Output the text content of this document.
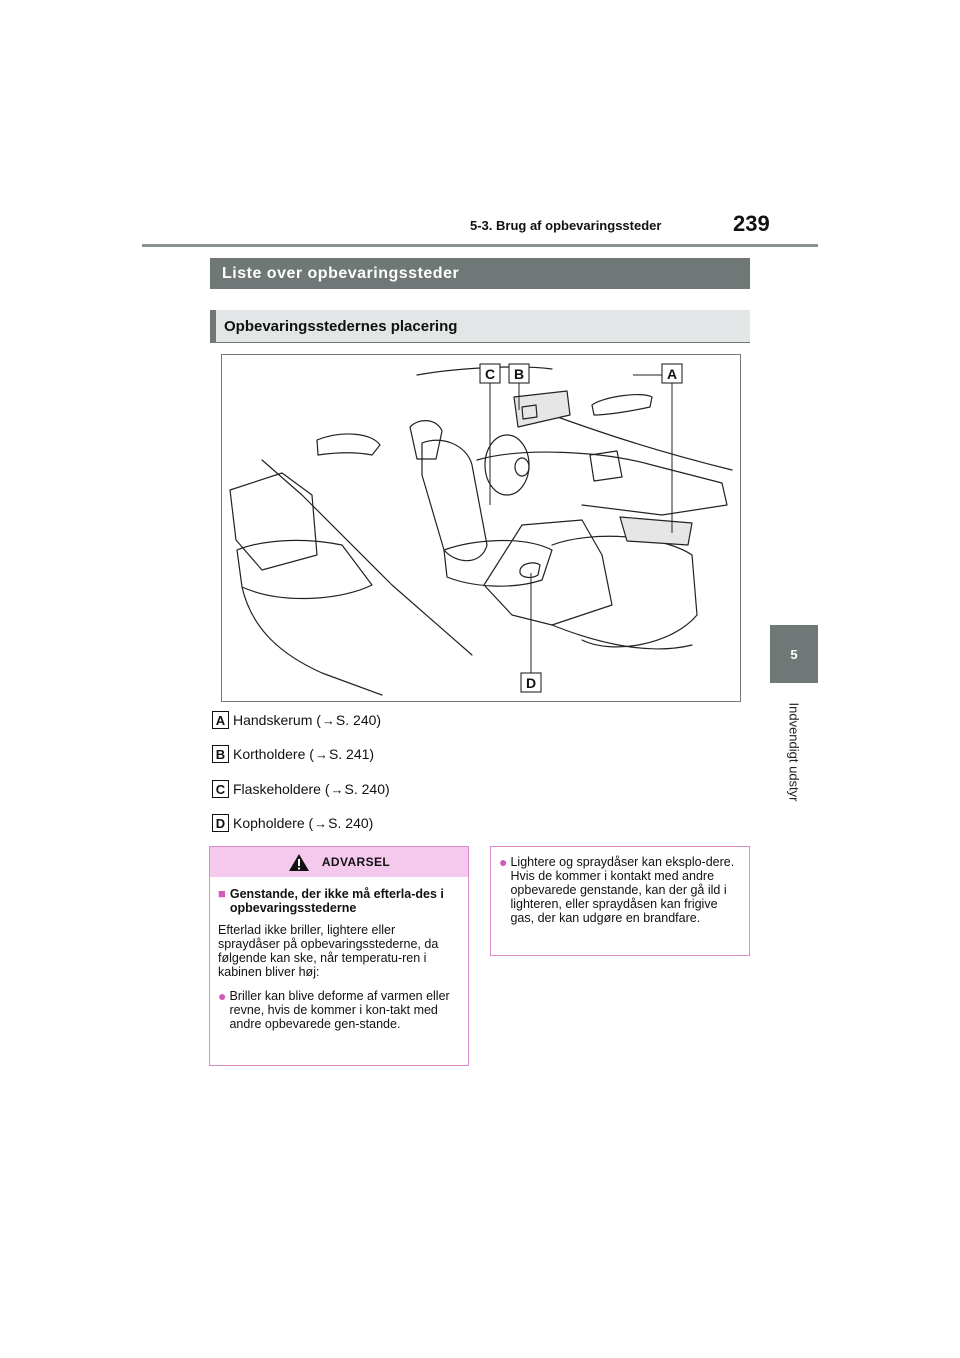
5-3. Brug af opbevaringssteder	239
5
Indvendigt udstyr
Liste over opbevaringssteder
Opbevaringsstedernes placering
C B	A
D
A Handskerum ( → S. 240)
B Kortholdere ( → S. 241)
C Flaskeholdere ( → S. 240)
D Kopholdere ( → S. 240)
ADVARSEL
■ Genstande, der ikke må efterla-des i opbevaringsstederne
Efterlad ikke briller, lightere eller spraydåser på opbevaringsstederne, da følgende kan ske, når temperatu-ren i kabinen bliver høj:
● Briller kan blive deforme af varmen eller revne, hvis de kommer i kon-takt med andre opbevarede gen-stande.
● Lightere og spraydåser kan eksplo-dere. Hvis de kommer i kontakt med andre opbevarede genstande, kan der gå ild i lighteren, eller spraydåsen kan frigive gas, der kan udgøre en brandfare.
